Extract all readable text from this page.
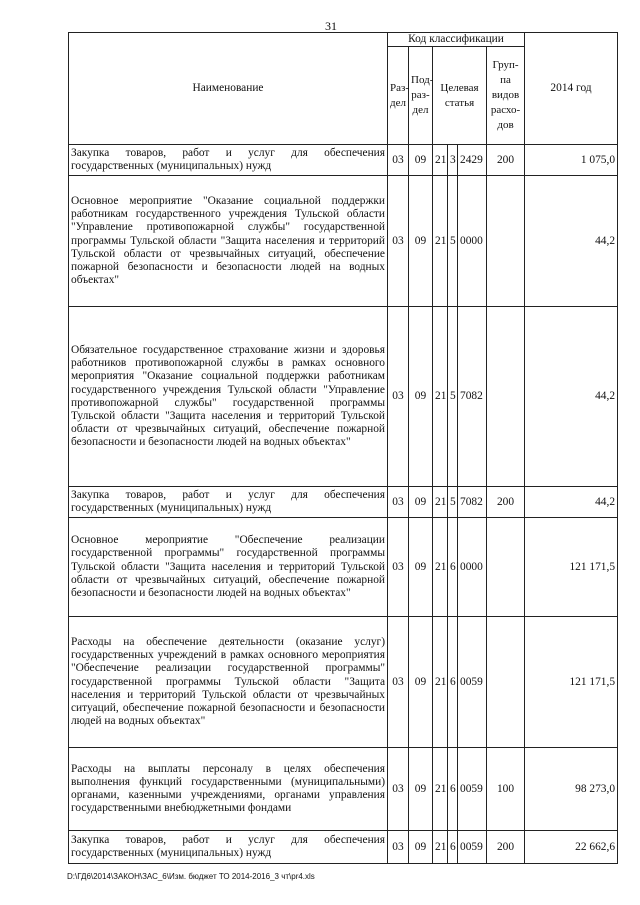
31
Наименование	Код классификации						2014 год
	Раз-дел	Под-раз-дел	Целевая статья			Груп-па видов расхо-дов	
Закупка товаров, работ и услуг для обеспечения государственных (муниципальных) нужд	03	09	21	3	2429	200	1 075,0
Основное мероприятие "Оказание социальной поддержки работникам государственного учреждения Тульской области "Управление противопожарной службы" государственной программы Тульской области "Защита населения и территорий Тульской области от чрезвычайных ситуаций, обеспечение пожарной безопасности и безопасности людей на водных объектах"	03	09	21	5	0000		44,2
Обязательное государственное страхование жизни и здоровья работников противопожарной службы в рамках основного мероприятия "Оказание социальной поддержки работникам государственного учреждения Тульской области "Управление противопожарной службы" государственной программы Тульской области "Защита населения и территорий Тульской области от чрезвычайных ситуаций, обеспечение пожарной безопасности и безопасности людей на водных объектах"	03	09	21	5	7082		44,2
Закупка товаров, работ и услуг для обеспечения государственных (муниципальных) нужд	03	09	21	5	7082	200	44,2
Основное мероприятие "Обеспечение реализации государственной программы" государственной программы Тульской области "Защита населения и территорий Тульской области от чрезвычайных ситуаций, обеспечение пожарной безопасности и безопасности людей на водных объектах"	03	09	21	6	0000		121 171,5
Расходы на обеспечение деятельности (оказание услуг) государственных учреждений в рамках основного мероприятия "Обеспечение реализации государственной программы" государственной программы Тульской области "Защита населения и территорий Тульской области от чрезвычайных ситуаций, обеспечение пожарной безопасности и безопасности людей на водных объектах"	03	09	21	6	0059		121 171,5
Расходы на выплаты персоналу в целях обеспечения выполнения функций государственными (муниципальными) органами, казенными учреждениями, органами управления государственными внебюджетными фондами	03	09	21	6	0059	100	98 273,0
Закупка товаров, работ и услуг для обеспечения государственных (муниципальных) нужд	03	09	21	6	0059	200	22 662,6
D:\ГД6\2014\ЗАКОН\ЗАС_6\Изм. бюджет ТО 2014-2016_3 чт\pr4.xls
